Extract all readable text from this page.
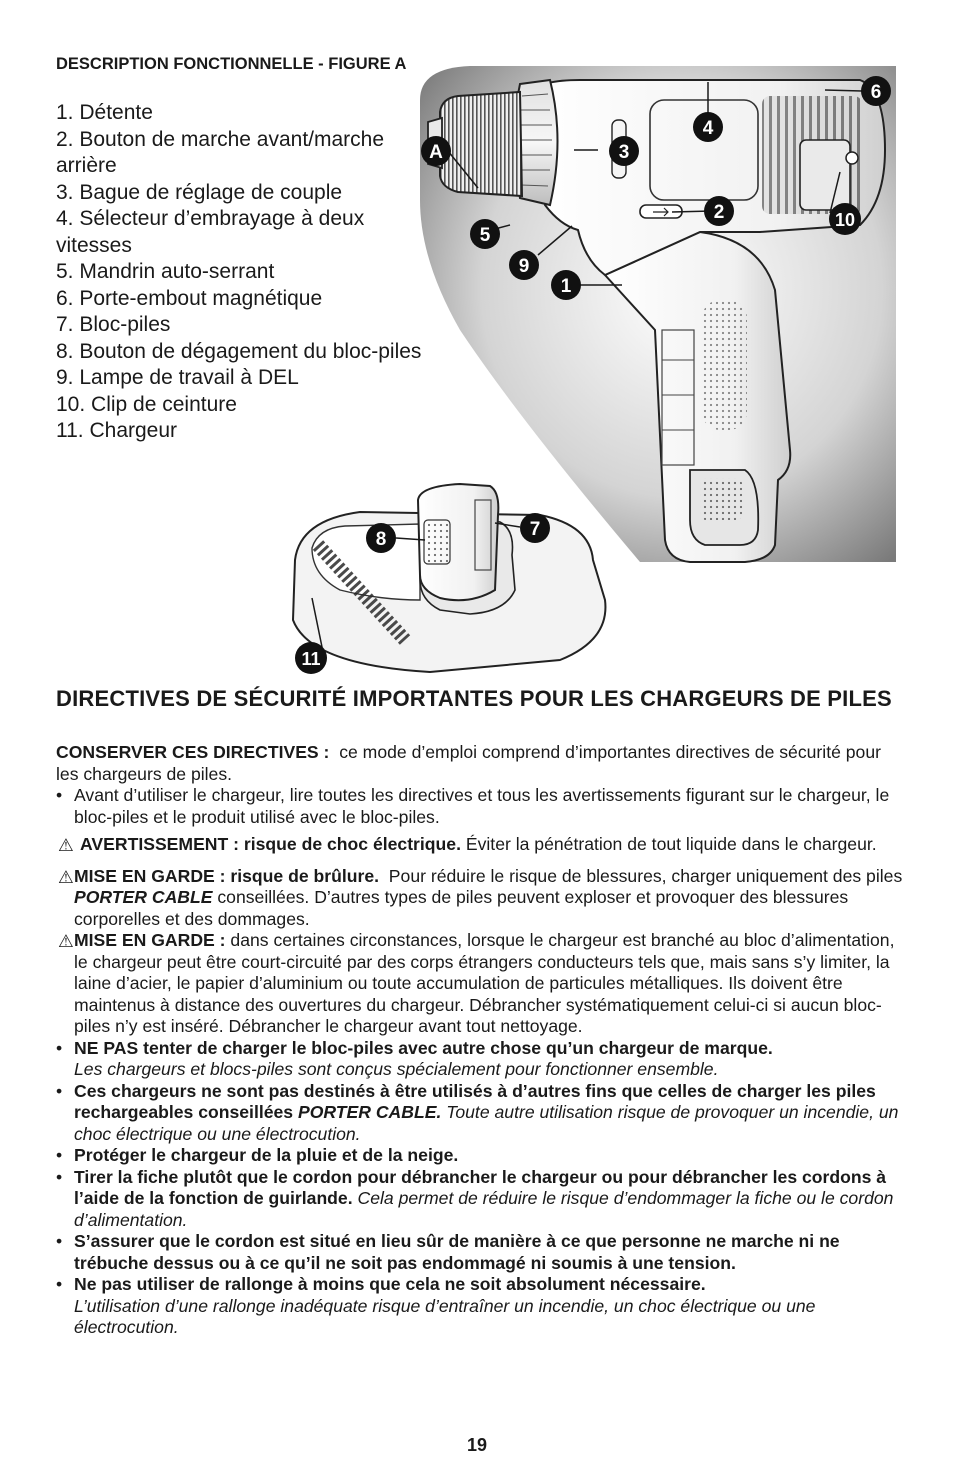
DESCRIPTION FONCTIONNELLE - FIGURE A
1. Détente
2. Bouton de marche avant/marche arrière
3. Bague de réglage de couple
4. Sélecteur d’embrayage à deux vitesses
5. Mandrin auto-serrant
6. Porte-embout magnétique
7. Bloc-piles
8. Bouton de dégagement du bloc-piles
9. Lampe de travail à DEL
10. Clip de ceinture
11. Chargeur
A	3
4
6
2	10
5
9
1
7
8
11
DIRECTIVES DE SÉCURITÉ IMPORTANTES POUR LES CHARGEURS DE PILES

CONSERVER CES DIRECTIVES : ce mode d’emploi comprend d’importantes directives de sécurité pour les chargeurs de piles.

• Avant d’utiliser le chargeur, lire toutes les directives et tous les avertissements figurant sur le chargeur, le bloc-piles et le produit utilisé avec le bloc-piles.

⚠ AVERTISSEMENT : risque de choc électrique. Éviter la pénétration de tout liquide dans le chargeur.

⚠ MISE EN GARDE : risque de brûlure. Pour réduire le risque de blessures, charger uniquement des piles PORTER CABLE conseillées. D’autres types de piles peuvent exploser et provoquer des blessures corporelles et des dommages.

⚠ MISE EN GARDE : dans certaines circonstances, lorsque le chargeur est branché au bloc d’alimentation, le chargeur peut être court-circuité par des corps étrangers conducteurs tels que, mais sans s’y limiter, la laine d’acier, le papier d’aluminium ou toute accumulation de particules métalliques. Ils doivent être maintenus à distance des ouvertures du chargeur. Débrancher systématiquement celui-ci si aucun bloc-piles n’y est inséré. Débrancher le chargeur avant tout nettoyage.

• NE PAS tenter de charger le bloc-piles avec autre chose qu’un chargeur de marque.
Les chargeurs et blocs-piles sont conçus spécialement pour fonctionner ensemble.

• Ces chargeurs ne sont pas destinés à être utilisés à d’autres fins que celles de charger les piles rechargeables conseillées PORTER CABLE. Toute autre utilisation risque de provoquer un incendie, un choc électrique ou une électrocution.

• Protéger le chargeur de la pluie et de la neige.

• Tirer la fiche plutôt que le cordon pour débrancher le chargeur ou pour débrancher les cordons à l’aide de la fonction de guirlande. Cela permet de réduire le risque d’endommager la fiche ou le cordon d’alimentation.

• S’assurer que le cordon est situé en lieu sûr de manière à ce que personne ne marche ni ne trébuche dessus ou à ce qu’il ne soit pas endommagé ni soumis à une tension.

• Ne pas utiliser de rallonge à moins que cela ne soit absolument nécessaire.
L’utilisation d’une rallonge inadéquate risque d’entraîner un incendie, un choc électrique ou une électrocution.

19
